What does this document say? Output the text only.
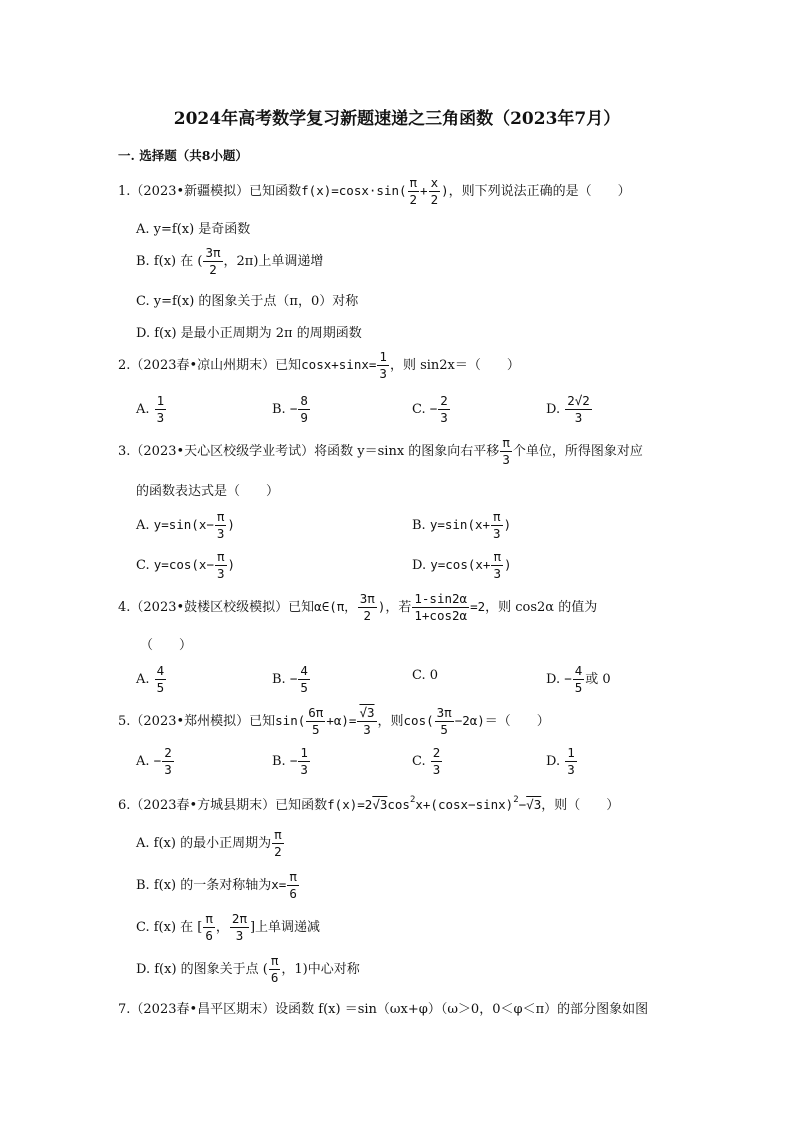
2024年高考数学复习新题速递之三角函数（2023年7月）
一. 选择题（共8小题）
1.（2023•新疆模拟）已知函数$f(x)=\cos x\cdot\sin( \frac{\pi}{2} + \frac{x}{2}$ )，则下列说法正确的是（　　）
A. y=f(x) 是奇函数
B. f(x) 在 ( $\frac{3\pi}{2}$ ，2π)上单调递增
C. y=f(x) 的图象关于点（π，0）对称
D. f(x) 是最小正周期为 2π 的周期函数
2.（2023春•凉山州期末）已知$\cos x+\sin x= \frac{1}{3}$ ，则 sin2x＝（　　）
A. $\frac{1}{3}$	B. − $\frac{8}{9}$	C. − $\frac{2}{3}$	D. $\frac{2√2}{3}$
3.（2023•天心区校级学业考试）将函数 y＝sinx 的图象向右平移 $\frac{\pi}{3}$ 个单位，所得图象对应
的函数表达式是（　　）
A. $y=\sin(x- \frac{\pi}{3}$ )	B. $y=\sin(x+ \frac{\pi}{3}$ )
C. $y=\cos(x- \frac{\pi}{3}$ )	D. $y=\cos(x+ \frac{\pi}{3}$ )
4.（2023•鼓楼区校级模拟）已知α∈(π， $\frac{3\pi}{2}$ )，若 $\frac{1-\sin 2\alpha}{1+\cos 2\alpha} =2$，则 cos2α 的值为
（　　）
A. $\frac{4}{5}$	B. − $\frac{4}{5}$	C. 0	D. − $\frac{4}{5}$ 或 0
5.（2023•郑州模拟）已知$\sin( \frac{6\pi}{5} +\alpha)= \frac{√3}{3}$ ，则$\cos( \frac{3\pi}{5} -2\alpha)=$（　　）
A. − $\frac{2}{3}$	B. − $\frac{1}{3}$	C. $\frac{2}{3}$	D. $\frac{1}{3}$
6.（2023春•方城县期末）已知函数$f(x)=2√3\cos^2x+(\cos x-\sin x)^2-√3$，则（　　）
A. f(x) 的最小正周期为 $\frac{\pi}{2}$
B. f(x) 的一条对称轴为$x= \frac{\pi}{6}$
C. f(x) 在 [ $\frac{\pi}{6}$ ， $\frac{2\pi}{3}$ ]上单调递减
D. f(x) 的图象关于点 ( $\frac{\pi}{6}$ ，1)中心对称
7.（2023春•昌平区期末）设函数 f(x) ＝sin（ωx+φ）（ω＞0，0＜φ＜π）的部分图象如图
